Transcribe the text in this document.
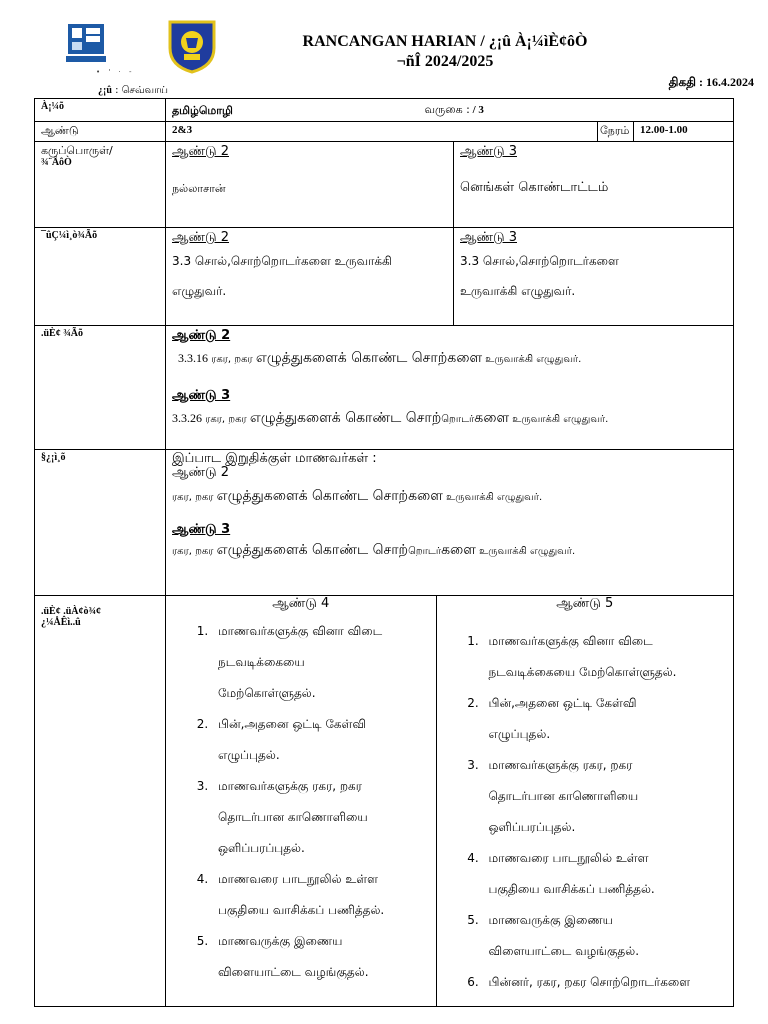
• ' · -
RANCANGAN HARIAN / ¿¡û À¡¼ìÈ¢ôÒ
¬ñÎ 2024/2025
திகதி : 16.4.2024
¿¡û : செவ்வாய்
À¡¼õ	தமிழ்மொழி	வருகை : / 3

ஆண்டு	2&3	நேரம்	12.00-1.00

கருப்பொருள்/
¾¨ÄôÒ

ஆண்டு 2
நல்லாசான்

ஆண்டு 3
னெங்கள் கொண்டாட்டம்

¯ûÇ¼ì¸ò¾Ãõ	ஆண்டு 2
3.3 சொல்,சொற்றொடர்களை உருவாக்கி
எழுதுவர்.

ஆண்டு 3
3.3 சொல்,சொற்றொடர்களை
உருவாக்கி எழுதுவர்.

.üÈ¢ ¾Ãõ	ஆண்டு 2
3.3.16 ரகர, றகர எழுத்துகளைக் கொண்ட சொற்களை உருவாக்கி எழுதுவர்.
ஆண்டு 3
3.3.26 ரகர, றகர எழுத்துகளைக் கொண்ட சொற்றொடர்களை உருவாக்கி எழுதுவர்.

§¿¡ì¸õ	இப்பாட இறுதிக்குள் மாணவர்கள் :
ஆண்டு 2
ரகர, றகர எழுத்துகளைக் கொண்ட சொற்களை உருவாக்கி எழுதுவர்.
ஆண்டு 3
ரகர, றகர எழுத்துகளைக் கொண்ட சொற்றொடர்களை உருவாக்கி எழுதுவர்.

.üÈ¢ .üÀ¢ò¾¢
¿¼ÅÊì..û

ஆண்டு 4
1. மாணவர்களுக்கு வினா விடை
நடவடிக்கையை
மேற்கொள்ளுதல்.
2. பின்,அதனை ஒட்டி கேள்வி
எழுப்புதல்.
3. மாணவர்களுக்கு ரகர, றகர
தொடர்பான காணொளியை
ஒளிப்பரப்புதல்.
4. மாணவரை பாடநூலில் உள்ள
பகுதியை வாசிக்கப் பணித்தல்.
5. மாணவருக்கு இணைய
விளையாட்டை வழங்குதல்.

ஆண்டு 5
1. மாணவர்களுக்கு வினா விடை
நடவடிக்கையை மேற்கொள்ளுதல்.
2. பின்,அதனை ஒட்டி கேள்வி
எழுப்புதல்.
3. மாணவர்களுக்கு ரகர, றகர
தொடர்பான காணொளியை
ஒளிப்பரப்புதல்.
4. மாணவரை பாடநூலில் உள்ள
பகுதியை வாசிக்கப் பணித்தல்.
5. மாணவருக்கு இணைய
விளையாட்டை வழங்குதல்.
6. பின்னர், ரகர, றகர சொற்றொடர்களை
